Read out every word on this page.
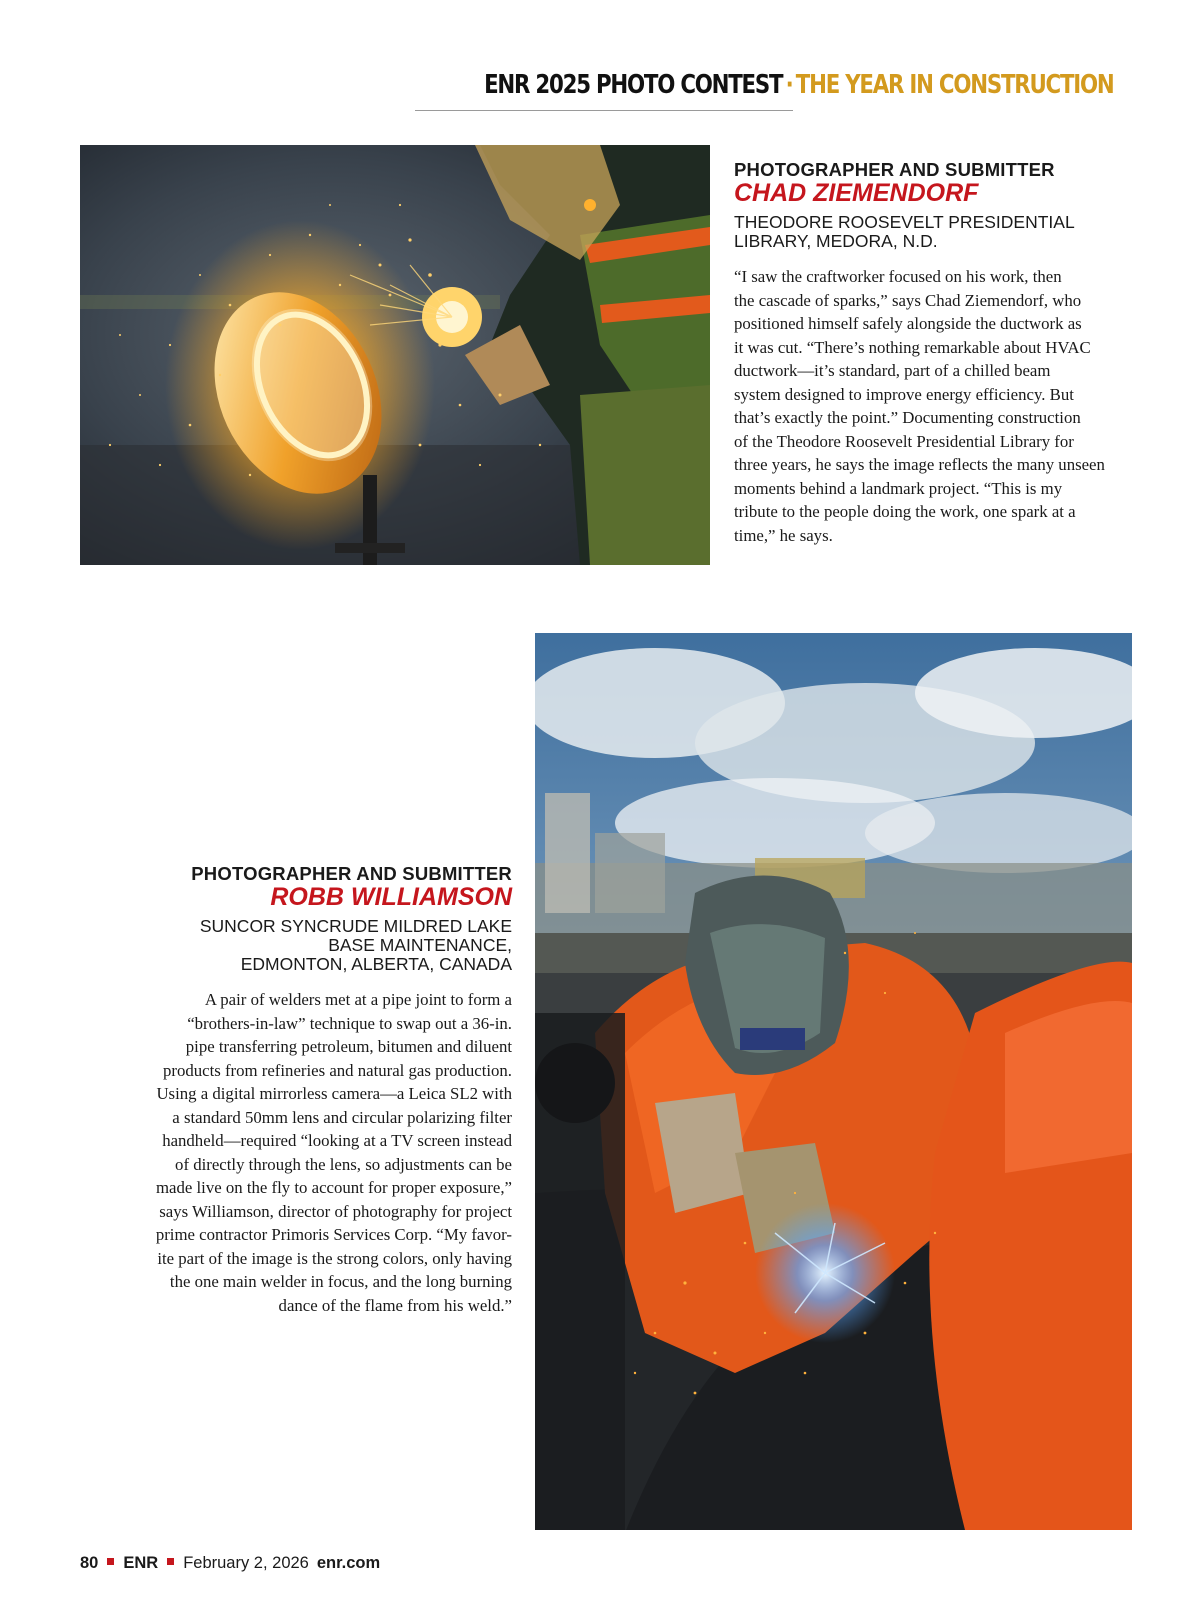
ENR 2025 PHOTO CONTEST · THE YEAR IN CONSTRUCTION
PHOTOGRAPHER AND SUBMITTER
CHAD ZIEMENDORF
THEODORE ROOSEVELT PRESIDENTIAL
LIBRARY, MEDORA, N.D.
“I saw the craftworker focused on his work, then
the cascade of sparks,” says Chad Ziemendorf, who
positioned himself safely alongside the ductwork as
it was cut. “There’s nothing remarkable about HVAC
ductwork—it’s standard, part of a chilled beam
system designed to improve energy efficiency. But
that’s exactly the point.” Documenting construction
of the Theodore Roosevelt Presidential Library for
three years, he says the image reflects the many unseen
moments behind a landmark project. “This is my
tribute to the people doing the work, one spark at a
time,” he says.
PHOTOGRAPHER AND SUBMITTER
ROBB WILLIAMSON
SUNCOR SYNCRUDE MILDRED LAKE
BASE MAINTENANCE,
EDMONTON, ALBERTA, CANADA
A pair of welders met at a pipe joint to form a
“brothers-in-law” technique to swap out a 36-in.
pipe transferring petroleum, bitumen and diluent
products from refineries and natural gas production.
Using a digital mirrorless camera—a Leica SL2 with
a standard 50mm lens and circular polarizing filter
handheld—required “looking at a TV screen instead
of directly through the lens, so adjustments can be
made live on the fly to account for proper exposure,”
says Williamson, director of photography for project
prime contractor Primoris Services Corp. “My favor-
ite part of the image is the strong colors, only having
the one main welder in focus, and the long burning
dance of the flame from his weld.”
80 ENR February 2, 2026 enr.com
